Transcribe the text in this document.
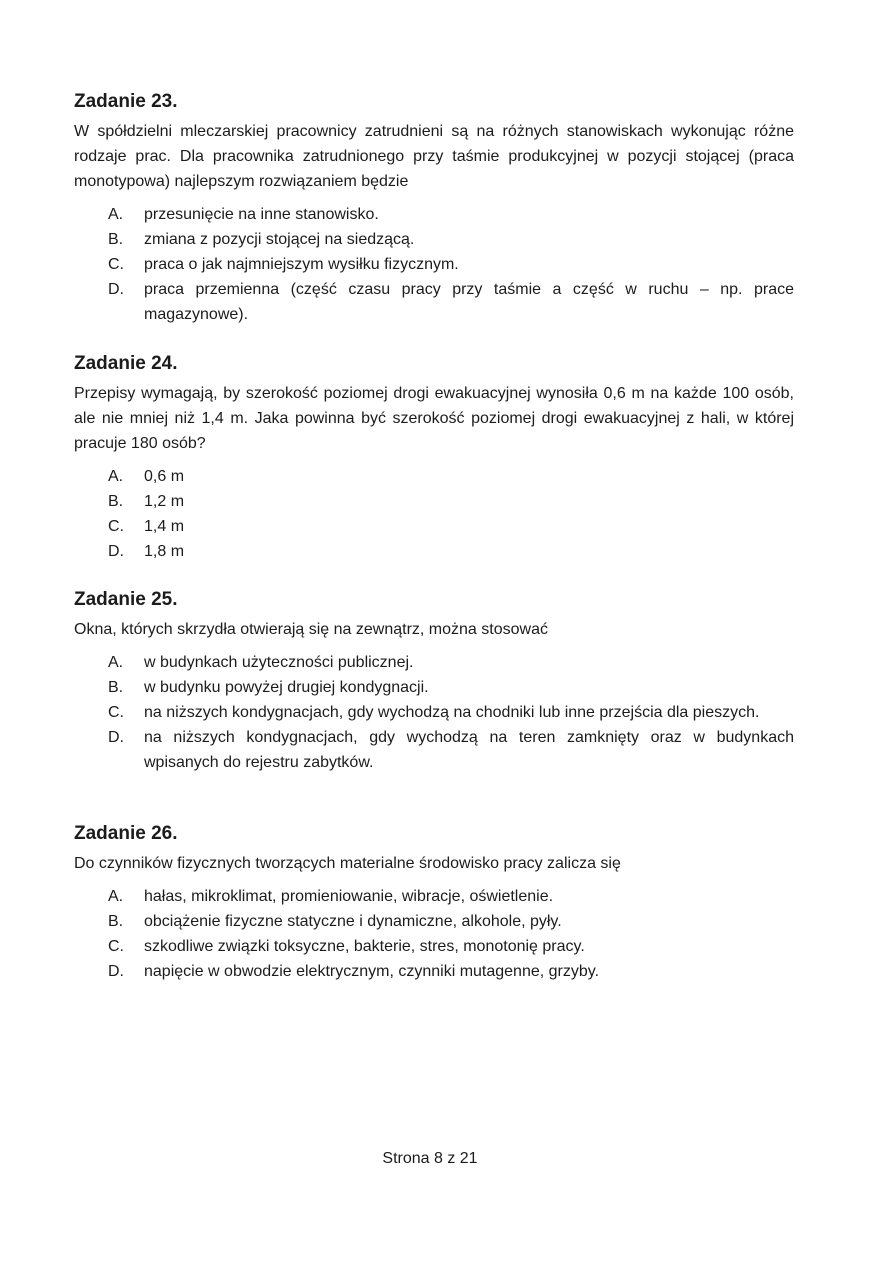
Zadanie 23.

W spółdzielni mleczarskiej pracownicy zatrudnieni są na różnych stanowiskach wykonując różne rodzaje prac. Dla pracownika zatrudnionego przy taśmie produkcyjnej w pozycji stojącej (praca monotypowa) najlepszym rozwiązaniem będzie

A. przesunięcie na inne stanowisko.
B. zmiana z pozycji stojącej na siedzącą.
C. praca o jak najmniejszym wysiłku fizycznym.
D. praca przemienna (część czasu pracy przy taśmie a część w ruchu – np. prace magazynowe).
Zadanie 24.

Przepisy wymagają, by szerokość poziomej drogi ewakuacyjnej wynosiła 0,6 m na każde 100 osób, ale nie mniej niż 1,4 m. Jaka powinna być szerokość poziomej drogi ewakuacyjnej z hali, w której pracuje 180 osób?

A. 0,6 m
B. 1,2 m
C. 1,4 m
D. 1,8 m
Zadanie 25.

Okna, których skrzydła otwierają się na zewnątrz, można stosować

A. w budynkach użyteczności publicznej.
B. w budynku powyżej drugiej kondygnacji.
C. na niższych kondygnacjach, gdy wychodzą na chodniki lub inne przejścia dla pieszych.
D. na niższych kondygnacjach, gdy wychodzą na teren zamknięty oraz w budynkach wpisanych do rejestru zabytków.
Zadanie 26.

Do czynników fizycznych tworzących materialne środowisko pracy zalicza się

A. hałas, mikroklimat, promieniowanie, wibracje, oświetlenie.
B. obciążenie fizyczne statyczne i dynamiczne, alkohole, pyły.
C. szkodliwe związki toksyczne, bakterie, stres, monotonię pracy.
D. napięcie w obwodzie elektrycznym, czynniki mutagenne, grzyby.
Strona 8 z 21
